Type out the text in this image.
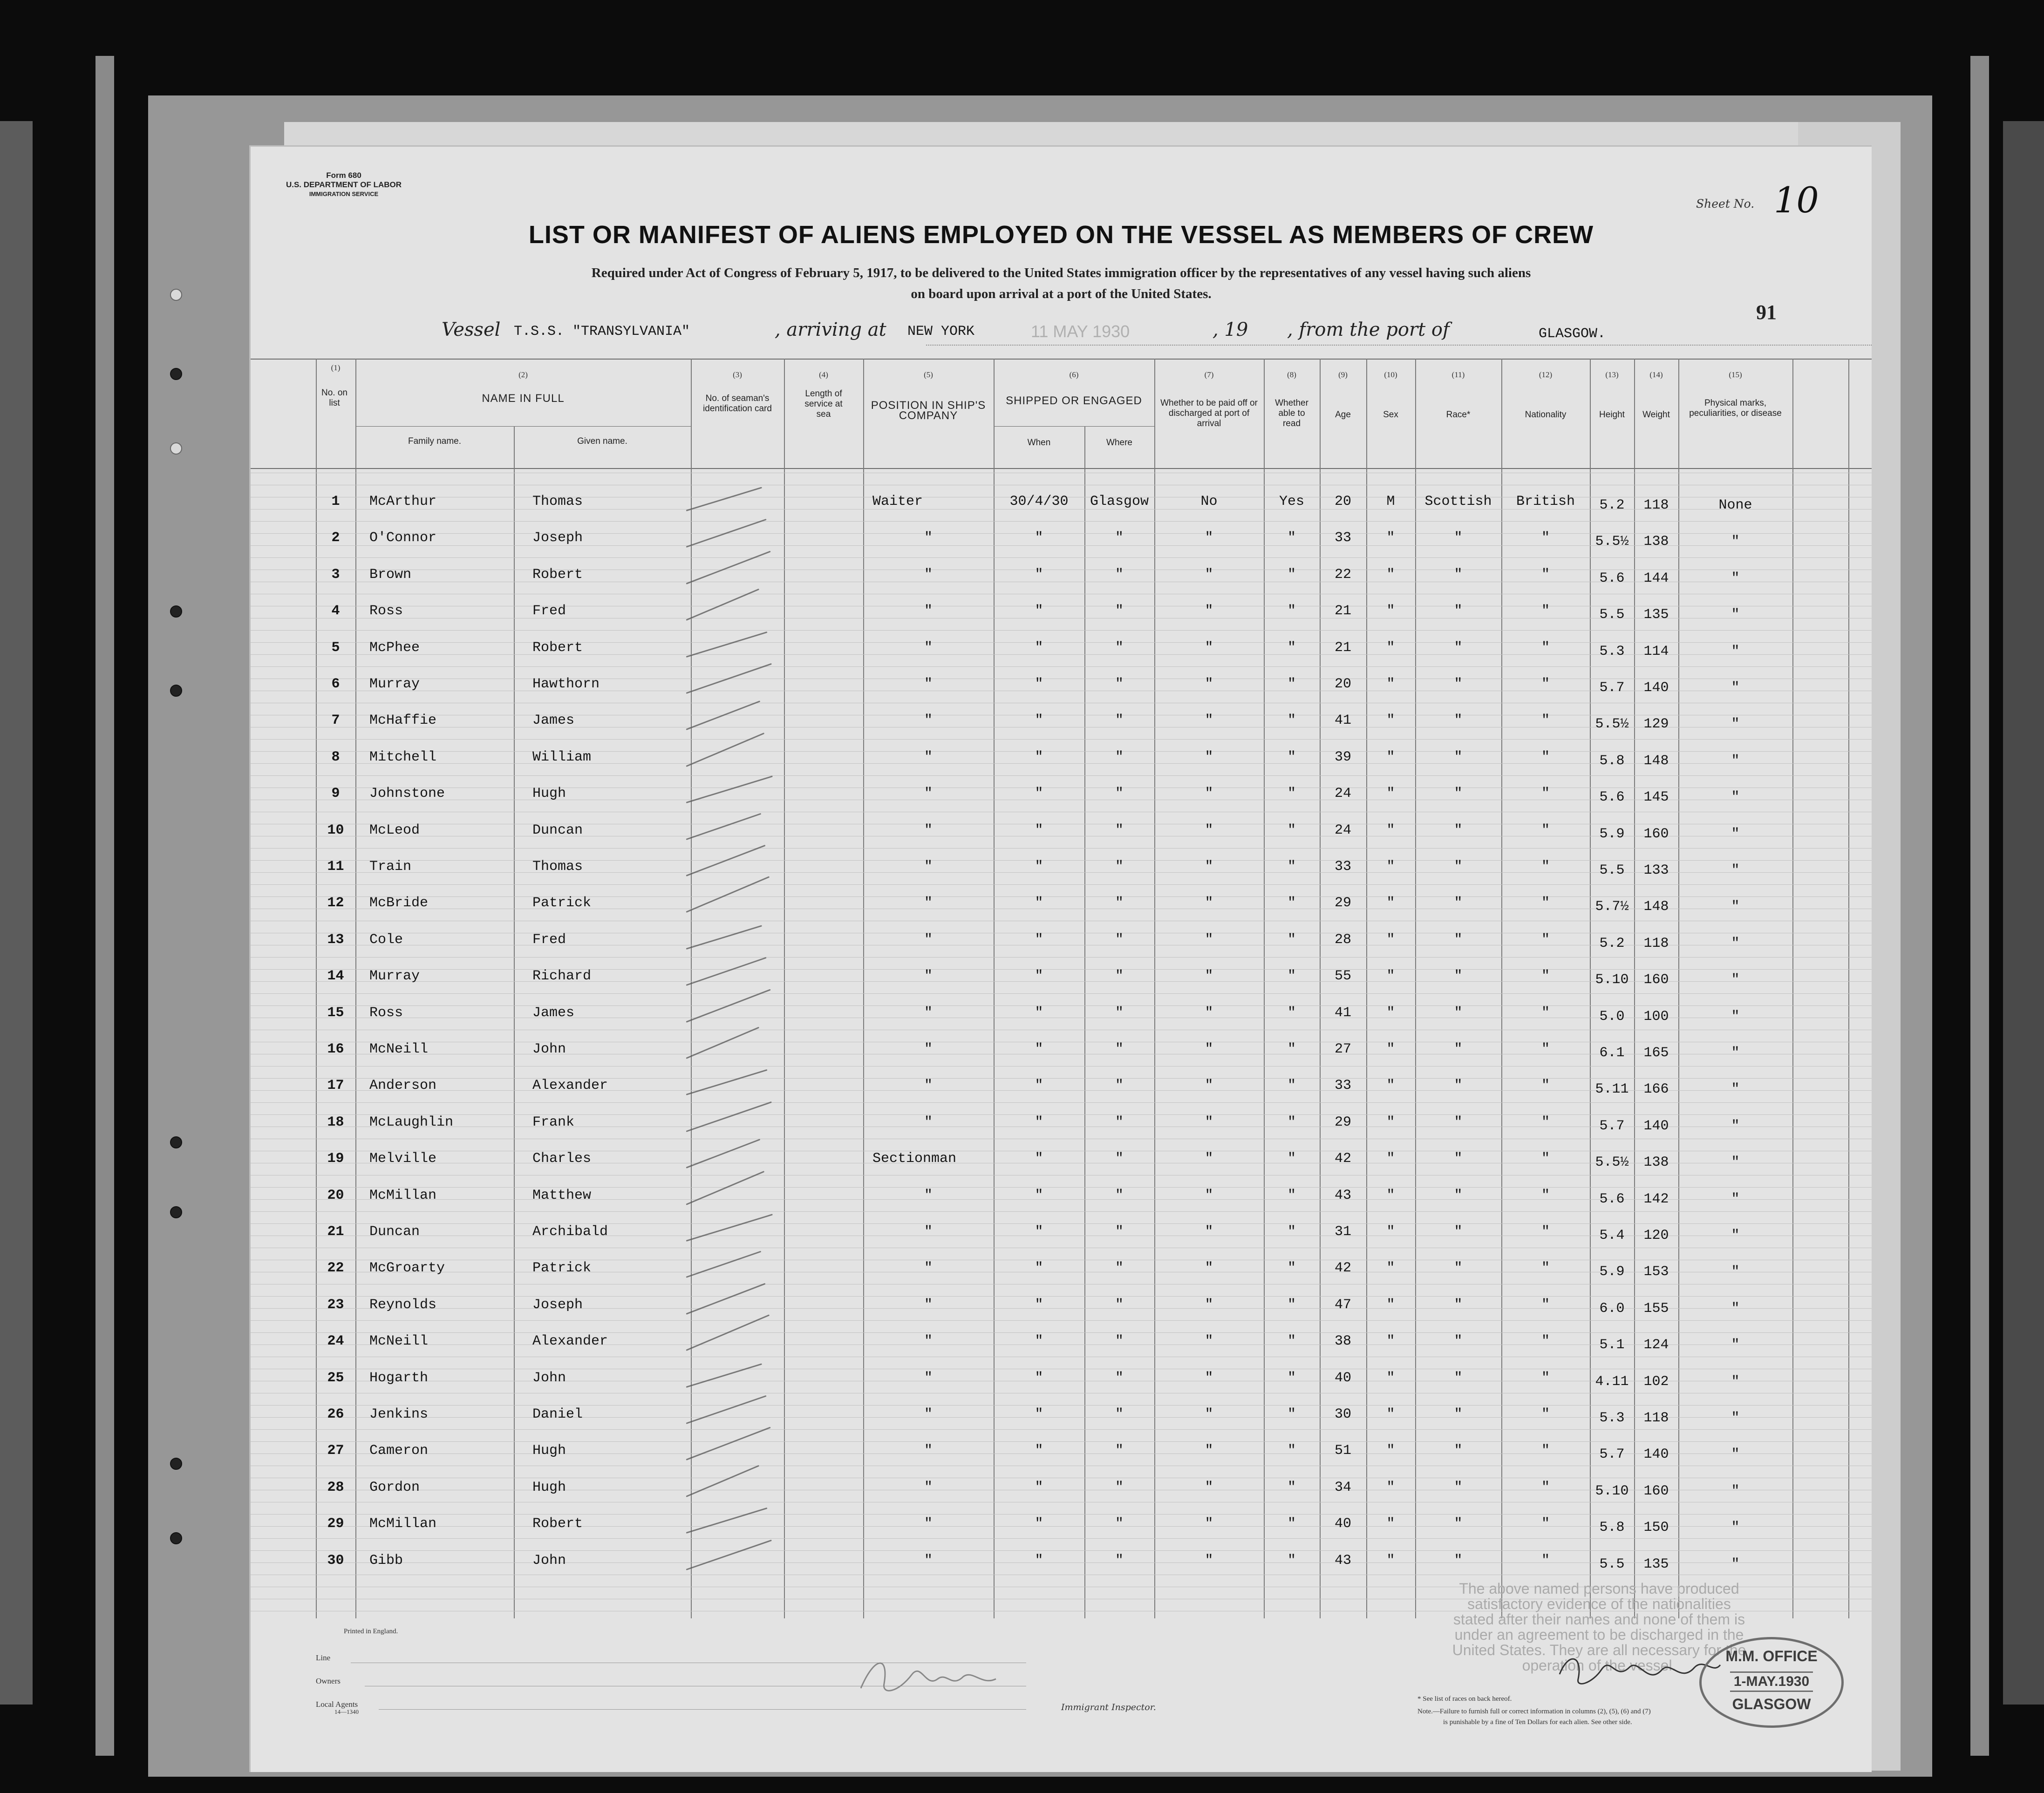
Form 680
U.S. DEPARTMENT OF LABOR
IMMIGRATION SERVICE
Sheet No. 10
91
LIST OR MANIFEST OF ALIENS EMPLOYED ON THE VESSEL AS MEMBERS OF CREW
Required under Act of Congress of February 5, 1917, to be delivered to the United States immigration officer by the representatives of any vessel having such aliens
on board upon arrival at a port of the United States.
Vessel T.S.S. "TRANSYLVANIA"	, arriving at NEW YORK	11 MAY 1930	, 19 , from the port of	GLASGOW.
(1)
(2)	(3)	(4)	(5)	(6)	(7)	(8)	(9)	(10)	(11)	(12)	(13)	(14)	(15)
No. on list	NAME IN FULL
Family name.	Given name.
No. of seaman's identification card
Length of service at sea
POSITION IN SHIP'S COMPANY
SHIPPED OR ENGAGED
When	Where
Whether to be paid off or discharged at port of arrival
Whether able to read
Age	Sex	Race*	Nationality	Height	Weight
Physical marks, peculiarities, or disease
1	McArthur	Thomas	Waiter	30/4/30	Glasgow	No	Yes	20	M	Scottish	British	5.2	118	None
2	O'Connor	Joseph	"	"	"	"	"	33	"	"	"	5.5½	138	"
3	Brown	Robert	"	"	"	"	"	22	"	"	"	5.6	144	"
4	Ross	Fred	"	"	"	"	"	21	"	"	"	5.5	135	"
5	McPhee	Robert	"	"	"	"	"	21	"	"	"	5.3	114	"
6	Murray	Hawthorn	"	"	"	"	"	20	"	"	"	5.7	140	"
7	McHaffie	James	"	"	"	"	"	41	"	"	"	5.5½	129	"
8	Mitchell	William	"	"	"	"	"	39	"	"	"	5.8	148	"
9	Johnstone	Hugh	"	"	"	"	"	24	"	"	"	5.6	145	"
10	McLeod	Duncan	"	"	"	"	"	24	"	"	"	5.9	160	"
11	Train	Thomas	"	"	"	"	"	33	"	"	"	5.5	133	"
12	McBride	Patrick	"	"	"	"	"	29	"	"	"	5.7½	148	"
13	Cole	Fred	"	"	"	"	"	28	"	"	"	5.2	118	"
14	Murray	Richard	"	"	"	"	"	55	"	"	"	5.10	160	"
15	Ross	James	"	"	"	"	"	41	"	"	"	5.0	100	"
16	McNeill	John	"	"	"	"	"	27	"	"	"	6.1	165	"
17	Anderson	Alexander	"	"	"	"	"	33	"	"	"	5.11	166	"
18	McLaughlin	Frank	"	"	"	"	"	29	"	"	"	5.7	140	"
19	Melville	Charles	Sectionman	"	"	"	"	42	"	"	"	5.5½	138	"
20	McMillan	Matthew	"	"	"	"	"	43	"	"	"	5.6	142	"
21	Duncan	Archibald	"	"	"	"	"	31	"	"	"	5.4	120	"
22	McGroarty	Patrick	"	"	"	"	"	42	"	"	"	5.9	153	"
23	Reynolds	Joseph	"	"	"	"	"	47	"	"	"	6.0	155	"
24	McNeill	Alexander	"	"	"	"	"	38	"	"	"	5.1	124	"
25	Hogarth	John	"	"	"	"	"	40	"	"	"	4.11	102	"
26	Jenkins	Daniel	"	"	"	"	"	30	"	"	"	5.3	118	"
27	Cameron	Hugh	"	"	"	"	"	51	"	"	"	5.7	140	"
28	Gordon	Hugh	"	"	"	"	"	34	"	"	"	5.10	160	"
29	McMillan	Robert	"	"	"	"	"	40	"	"	"	5.8	150	"
30	Gibb	John	"	"	"	"	"	43	"	"	"	5.5	135	"
Printed in England.
Line
Owners
Local Agents
14—1340	Immigrant Inspector.
* See list of races on back hereof.
Note.—Failure to furnish full or correct information in columns (2), (5), (6) and (7)
is punishable by a fine of Ten Dollars for each alien. See other side.
The above named persons have produced satisfactory evidence of the nationalities stated after their names and none of them is under an agreement to be discharged in the United States. They are all necessary for the operation of the vessel.
M.M. OFFICE
1-MAY.1930
GLASGOW
